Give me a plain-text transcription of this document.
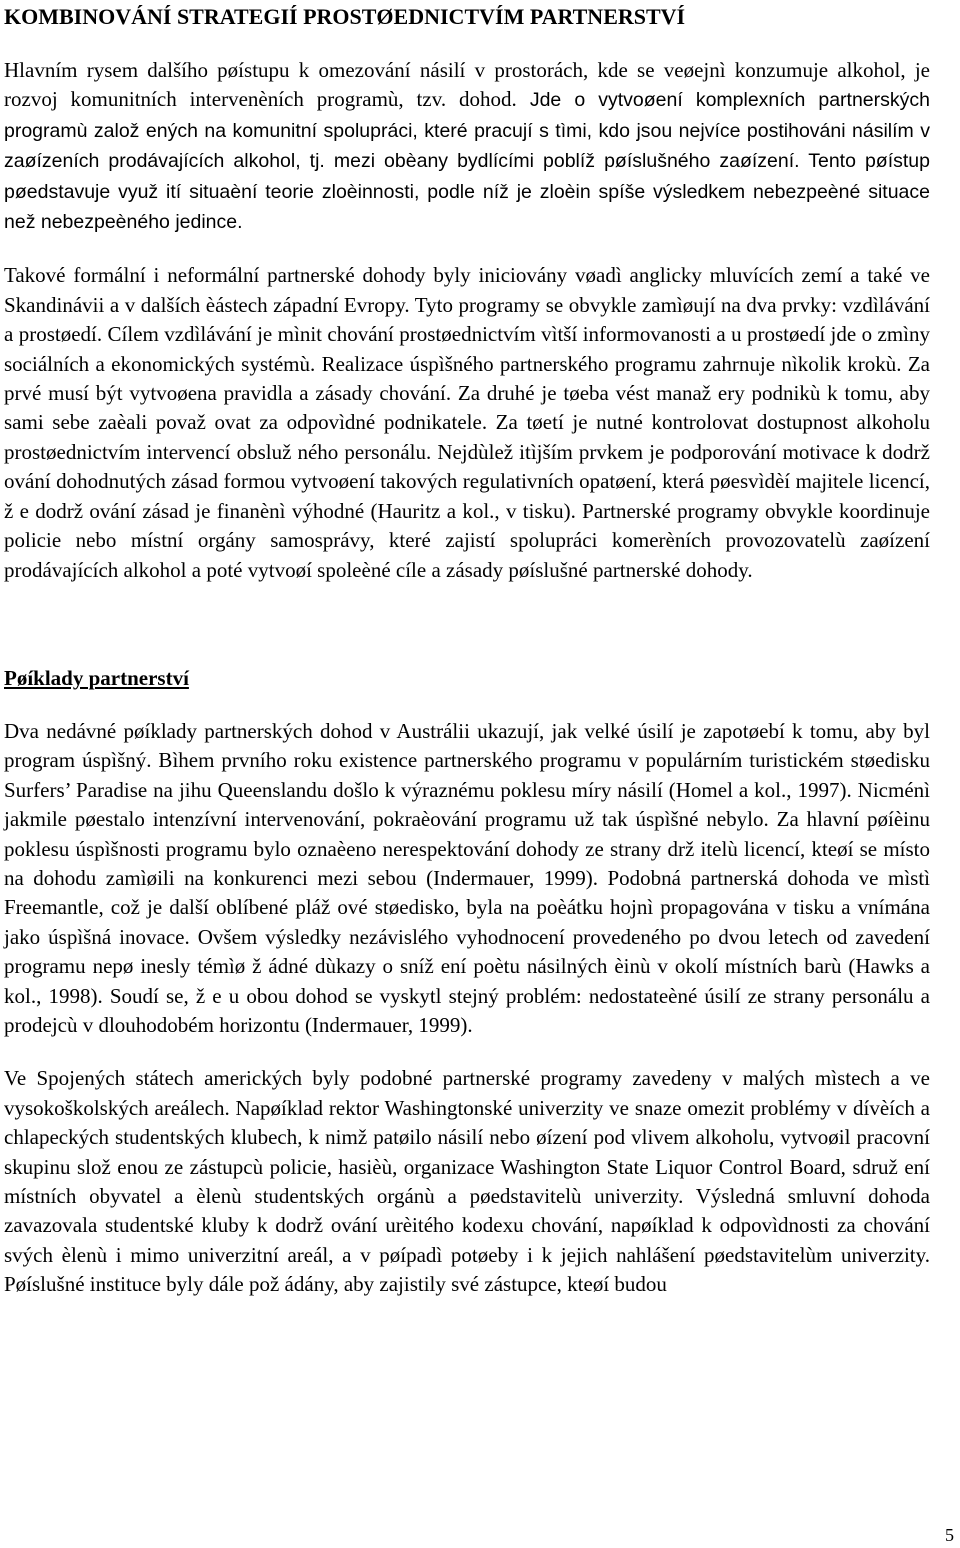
KOMBINOVÁNÍ STRATEGIÍ PROSTØEDNICTVÍM PARTNERSTVÍ

Hlavním rysem dalšího pøístupu k omezování násilí v prostorách, kde se veøejnì konzumuje alkohol, je rozvoj komunitních intervenèních programù, tzv. dohod. Jde o vytvoøení komplexních partnerských programù založ ených na komunitní spolupráci, které pracují s tìmi, kdo jsou nejvíce postihováni násilím v zaøízeních prodávajících alkohol, tj. mezi obèany bydlícími poblíž pøíslušného zaøízení. Tento pøístup pøedstavuje využ ití situaèní teorie zloèinnosti, podle níž je zloèin spíše výsledkem nebezpeèné situace než nebezpeèného jedince.

Takové formální i neformální partnerské dohody byly iniciovány vøadì anglicky mluvících zemí a také ve Skandinávii a v dalších èástech západní Evropy. Tyto programy se obvykle zamìøují na dva prvky: vzdìlávání a prostøedí. Cílem vzdìlávání je mìnit chování prostøednictvím vìtší informovanosti a u prostøedí jde o zmìny sociálních a ekonomických systémù. Realizace úspìšného partnerského programu zahrnuje nìkolik krokù. Za prvé musí být vytvoøena pravidla a zásady chování. Za druhé je tøeba vést manaž ery podnikù k tomu, aby sami sebe zaèali považ ovat za odpovìdné podnikatele. Za tøetí je nutné kontrolovat dostupnost alkoholu prostøednictvím intervencí obsluž ného personálu. Nejdùlež itìjším prvkem je podporování motivace k dodrž ování dohodnutých zásad formou vytvoøení takových regulativních opatøení, která pøesvìdèí majitele licencí, ž e dodrž ování zásad je finanènì výhodné (Hauritz a kol., v tisku). Partnerské programy obvykle koordinuje policie nebo místní orgány samosprávy, které zajistí spolupráci komerèních provozovatelù zaøízení prodávajících alkohol a poté vytvoøí spoleèné cíle a zásady pøíslušné partnerské dohody.

Pøíklady partnerství

Dva nedávné pøíklady partnerských dohod v Austrálii ukazují, jak velké úsilí je zapotøebí k tomu, aby byl program úspìšný. Bìhem prvního roku existence partnerského programu v populárním turistickém støedisku Surfers’ Paradise na jihu Queenslandu došlo k výraznému poklesu míry násilí (Homel a kol., 1997). Nicménì jakmile pøestalo intenzívní intervenování, pokraèování programu už tak úspìšné nebylo. Za hlavní pøíèinu poklesu úspìšnosti programu bylo oznaèeno nerespektování dohody ze strany drž itelù licencí, kteøí se místo na dohodu zamìøili na konkurenci mezi sebou (Indermauer, 1999). Podobná partnerská dohoda ve mìstì Freemantle, což je další oblíbené pláž ové støedisko, byla na poèátku hojnì propagována v tisku a vnímána jako úspìšná inovace. Ovšem výsledky nezávislého vyhodnocení provedeného po dvou letech od zavedení programu nepø inesly témìø ž ádné dùkazy o sníž ení poètu násilných èinù v okolí místních barù (Hawks a kol., 1998). Soudí se, ž e u obou dohod se vyskytl stejný problém: nedostateèné úsilí ze strany personálu a prodejcù v dlouhodobém horizontu (Indermauer, 1999).

Ve Spojených státech amerických byly podobné partnerské programy zavedeny v malých mìstech a ve vysokoškolských areálech. Napøíklad rektor Washingtonské univerzity ve snaze omezit problémy v dívèích a chlapeckých studentských klubech, k nimž patøilo násilí nebo øízení pod vlivem alkoholu, vytvoøil pracovní skupinu slož enou ze zástupcù policie, hasièù, organizace Washington State Liquor Control Board, sdruž ení místních obyvatel a èlenù studentských orgánù a pøedstavitelù univerzity. Výsledná smluvní dohoda zavazovala studentské kluby k dodrž ování urèitého kodexu chování, napøíklad k odpovìdnosti za chování svých èlenù i mimo univerzitní areál, a v pøípadì potøeby i k jejich nahlášení pøedstavitelùm univerzity. Pøíslušné instituce byly dále pož ádány, aby zajistily své zástupce, kteøí budou

5
